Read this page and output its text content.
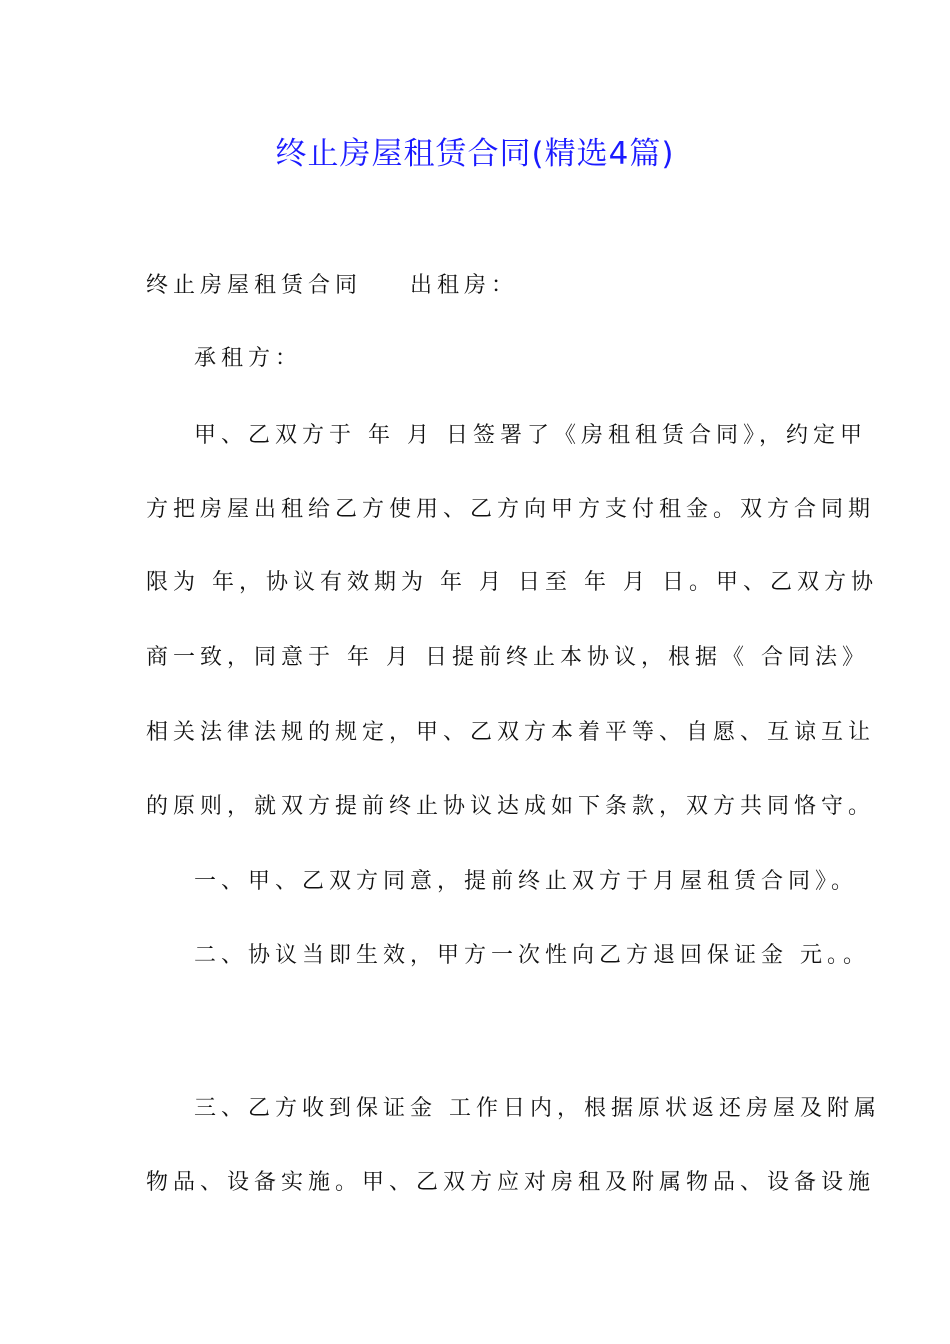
终止房屋租赁合同(精选4篇)

终止房屋租赁合同 出租房：

承租方：

甲、乙双方于 年 月 日签署了《房租租赁合同》，约定甲

方把房屋出租给乙方使用、乙方向甲方支付租金。双方合同期

限为 年，协议有效期为 年 月 日至 年 月 日。甲、乙双方协

商一致，同意于 年 月 日提前终止本协议，根据《 合同法》

相关法律法规的规定，甲、乙双方本着平等、自愿、互谅互让

的原则，就双方提前终止协议达成如下条款，双方共同恪守。

一、甲、乙双方同意，提前终止双方于月屋租赁合同》。

二、协议当即生效，甲方一次性向乙方退回保证金 元。。

三、乙方收到保证金 工作日内，根据原状返还房屋及附属

物品、设备实施。甲、乙双方应对房租及附属物品、设备设施
